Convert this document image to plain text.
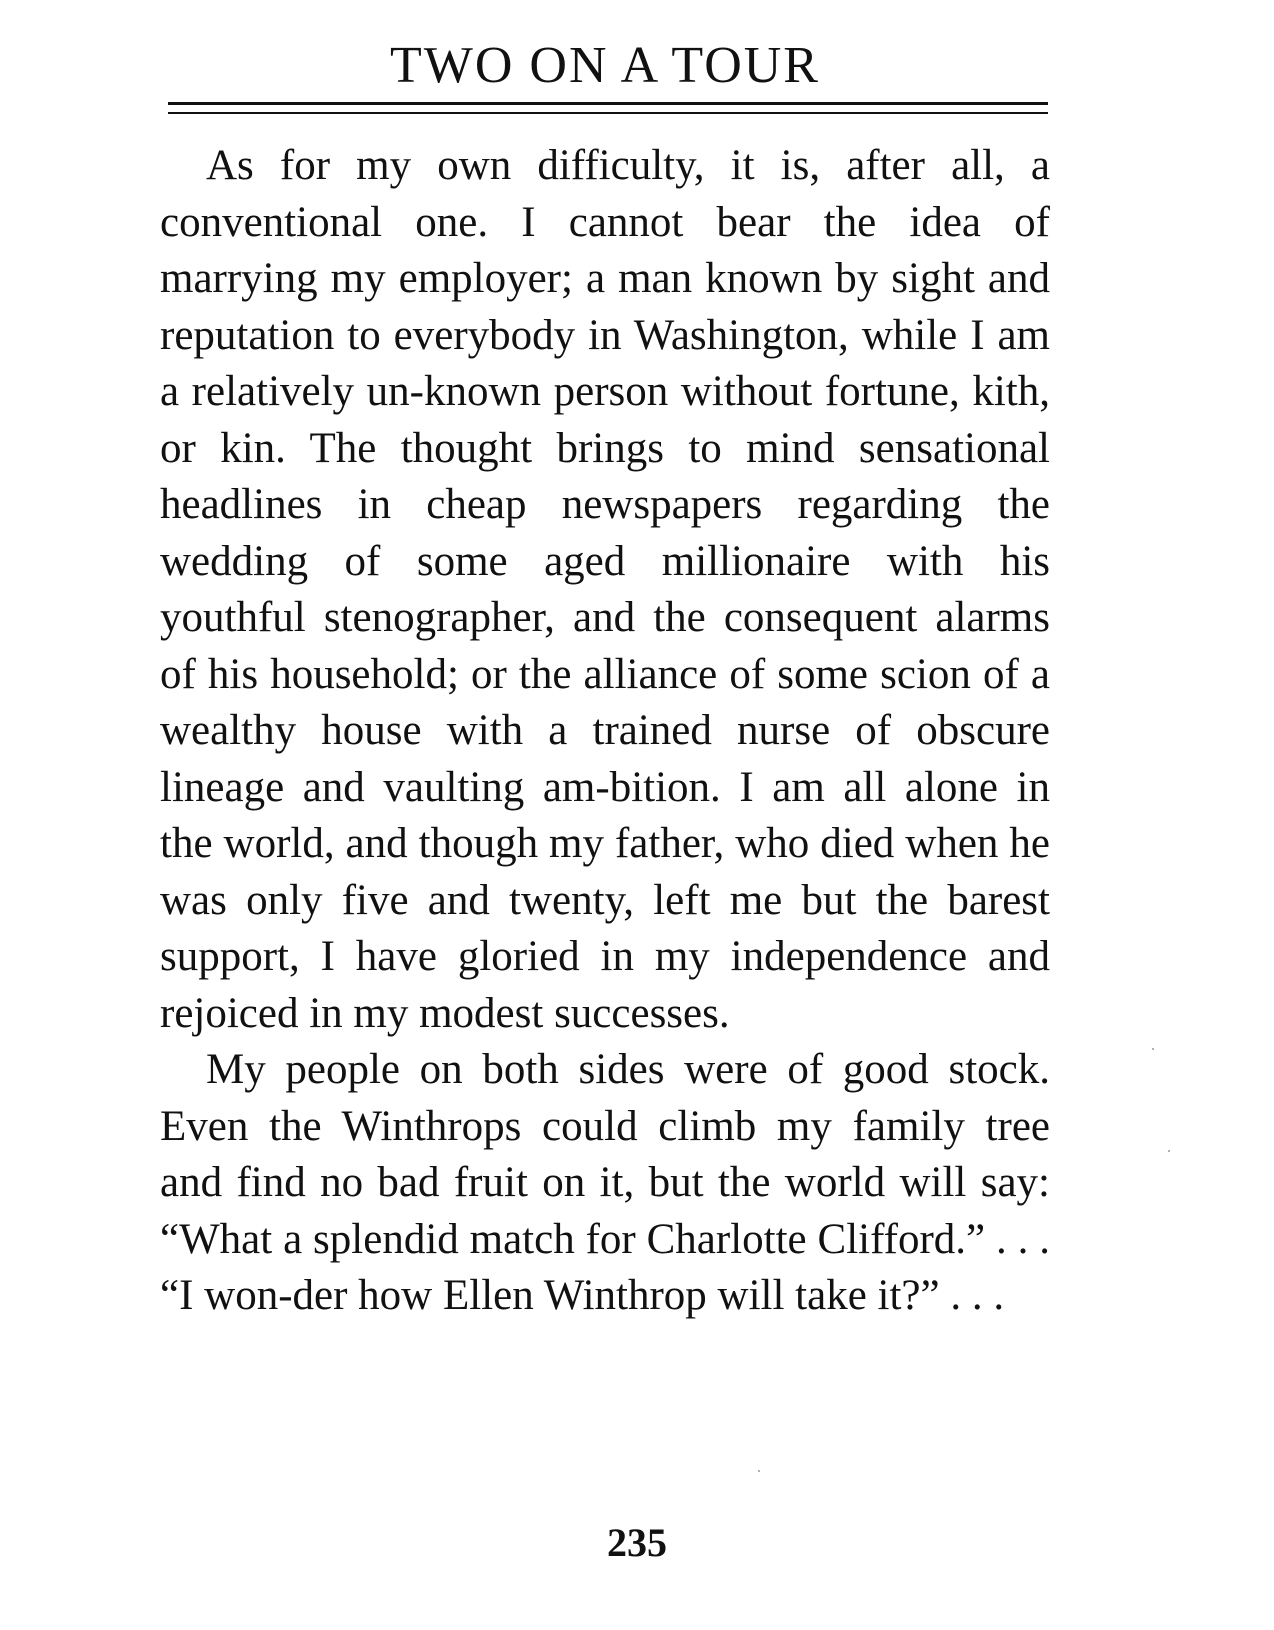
TWO ON A TOUR

As for my own difficulty, it is, after all, a conventional one. I cannot bear the idea of marrying my employer; a man known by sight and reputation to everybody in Washington, while I am a relatively un-known person without fortune, kith, or kin. The thought brings to mind sensational headlines in cheap newspapers regarding the wedding of some aged millionaire with his youthful stenographer, and the consequent alarms of his household; or the alliance of some scion of a wealthy house with a trained nurse of obscure lineage and vaulting am-bition. I am all alone in the world, and though my father, who died when he was only five and twenty, left me but the barest support, I have gloried in my independence and rejoiced in my modest successes.

My people on both sides were of good stock. Even the Winthrops could climb my family tree and find no bad fruit on it, but the world will say: “What a splendid match for Charlotte Clifford.” . . . “I won-der how Ellen Winthrop will take it?” . . .

235
